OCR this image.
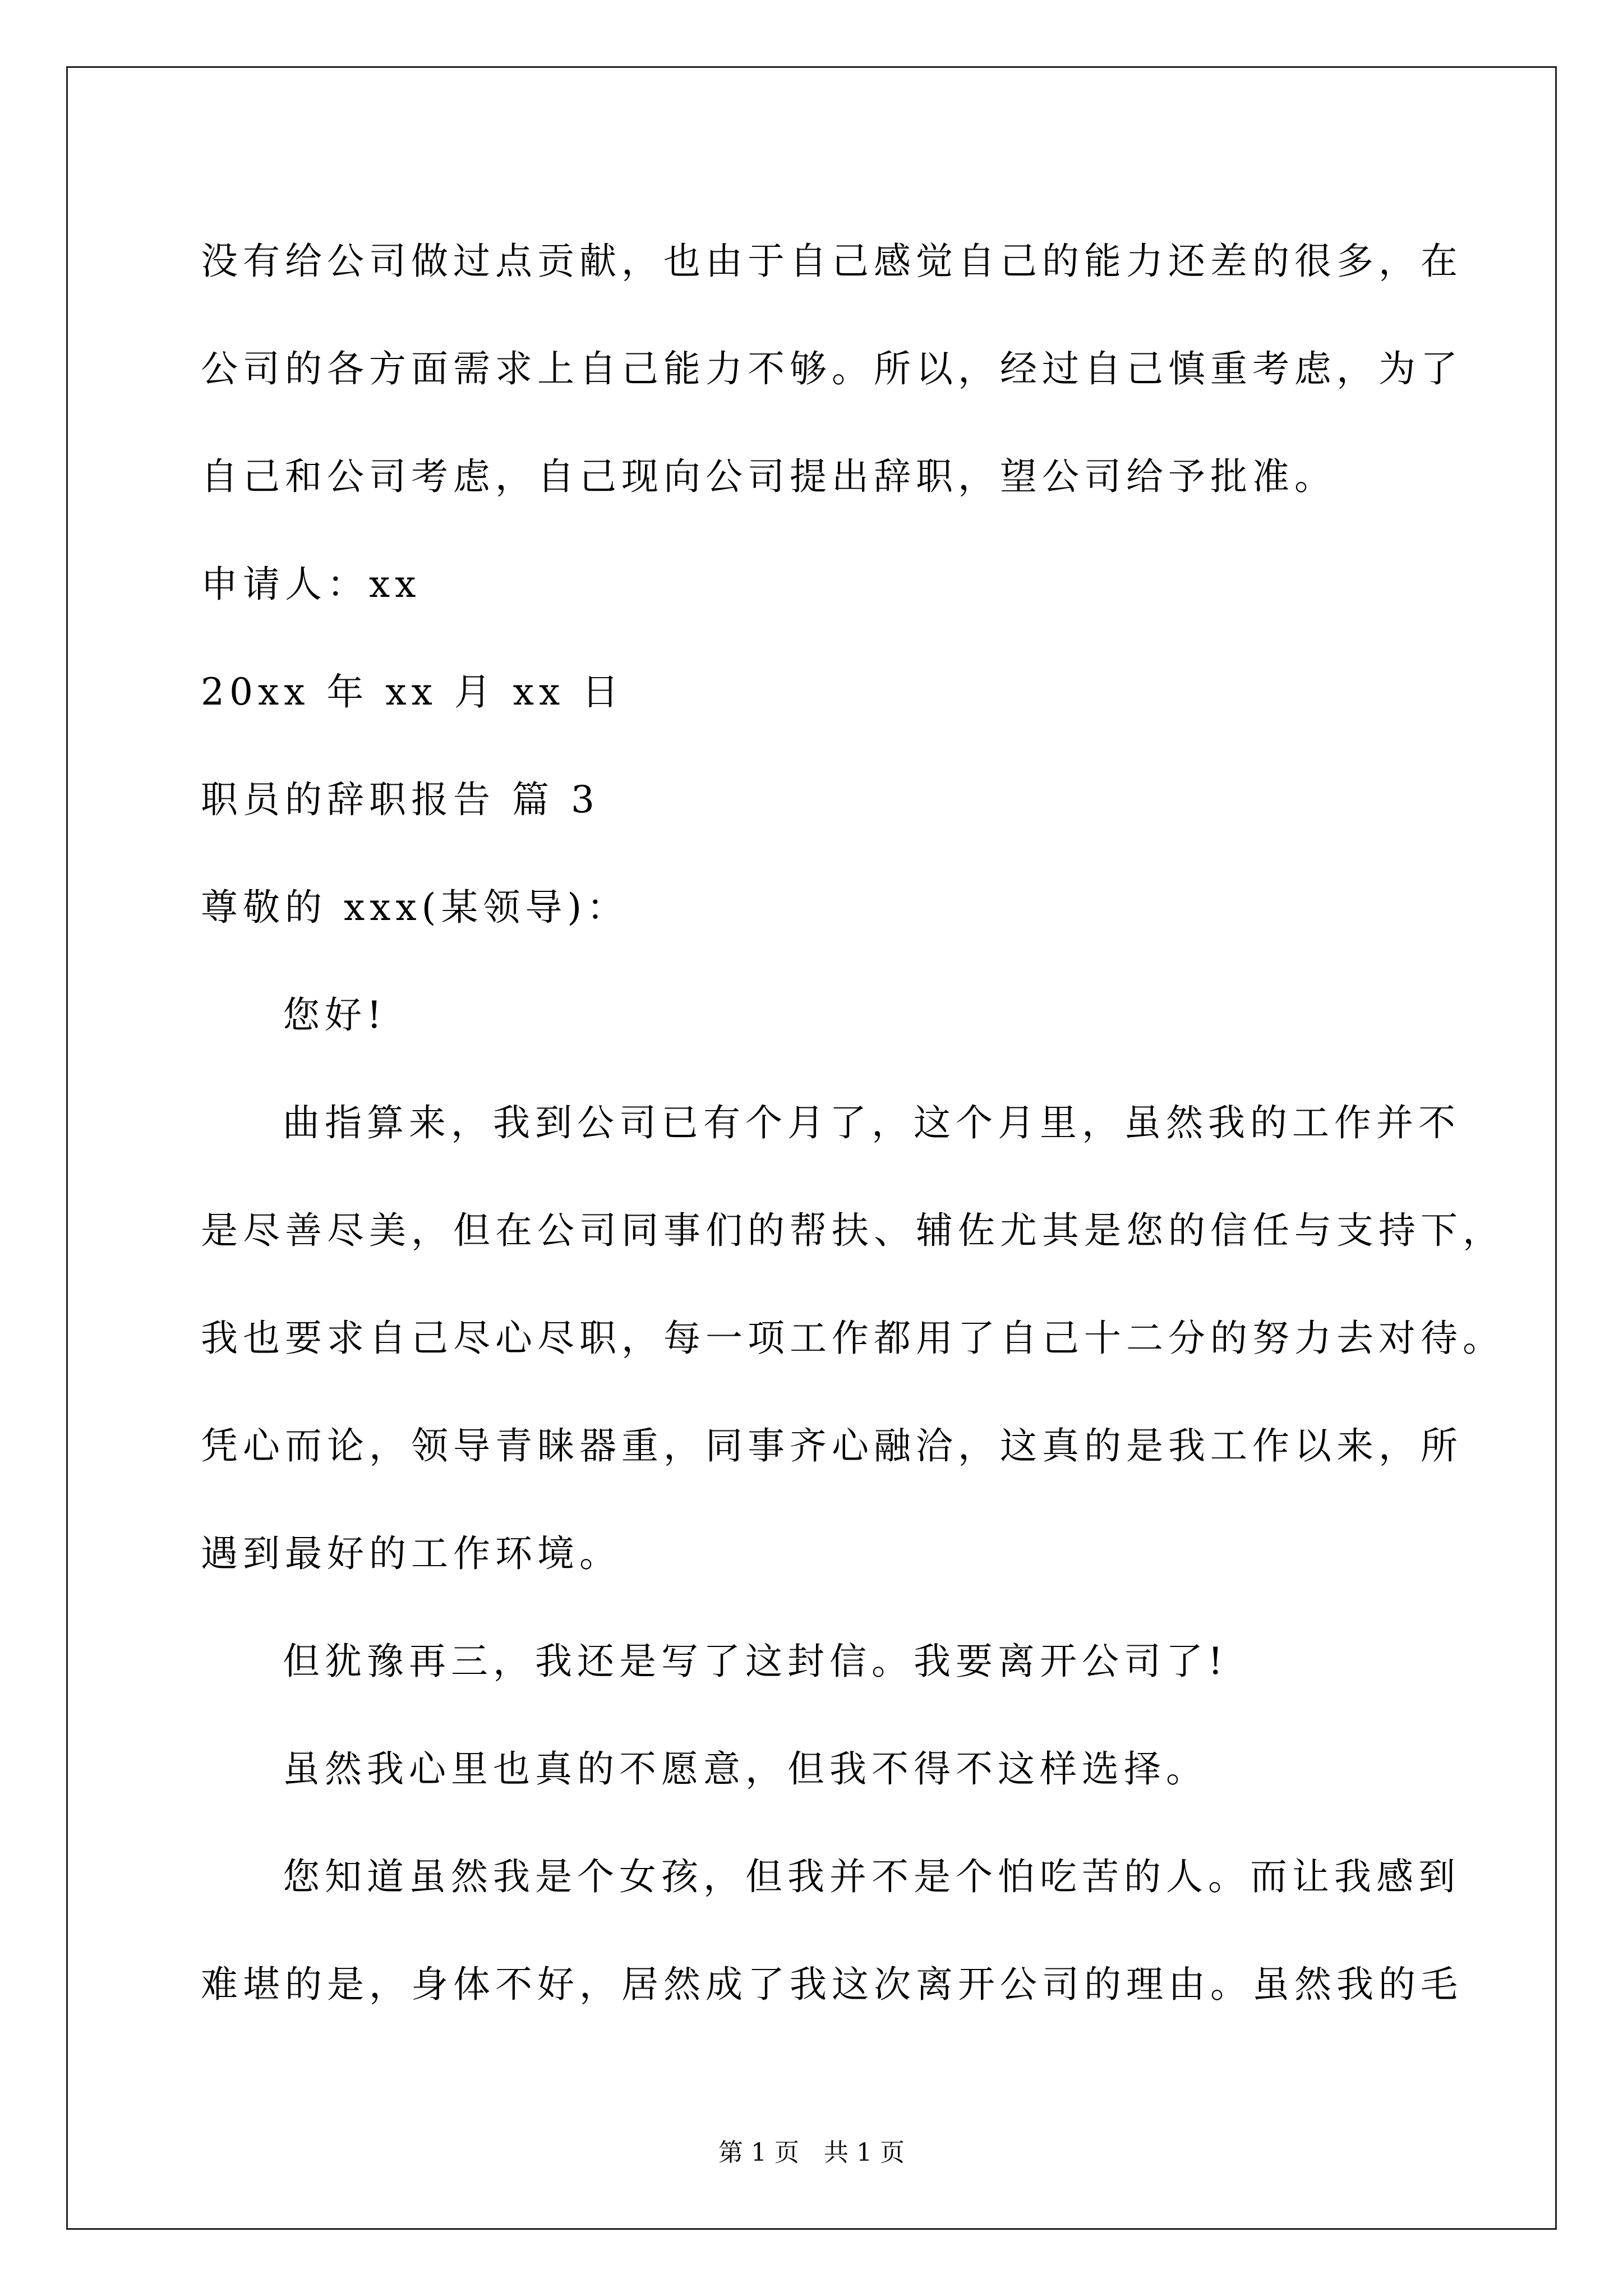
没有给公司做过点贡献，也由于自己感觉自己的能力还差的很多，在
公司的各方面需求上自己能力不够。所以，经过自己慎重考虑，为了
自己和公司考虑，自己现向公司提出辞职，望公司给予批准。
申请人：xx
20xx 年 xx 月 xx 日
职员的辞职报告 篇 3
尊敬的 xxx(某领导)：
您好!
曲指算来，我到公司已有个月了，这个月里，虽然我的工作并不
是尽善尽美，但在公司同事们的帮扶、辅佐尤其是您的信任与支持下，
我也要求自己尽心尽职，每一项工作都用了自己十二分的努力去对待。
凭心而论，领导青睐器重，同事齐心融洽，这真的是我工作以来，所
遇到最好的工作环境。
但犹豫再三，我还是写了这封信。我要离开公司了!
虽然我心里也真的不愿意，但我不得不这样选择。
您知道虽然我是个女孩，但我并不是个怕吃苦的人。而让我感到
难堪的是，身体不好，居然成了我这次离开公司的理由。虽然我的毛
第 1 页　共 1 页
